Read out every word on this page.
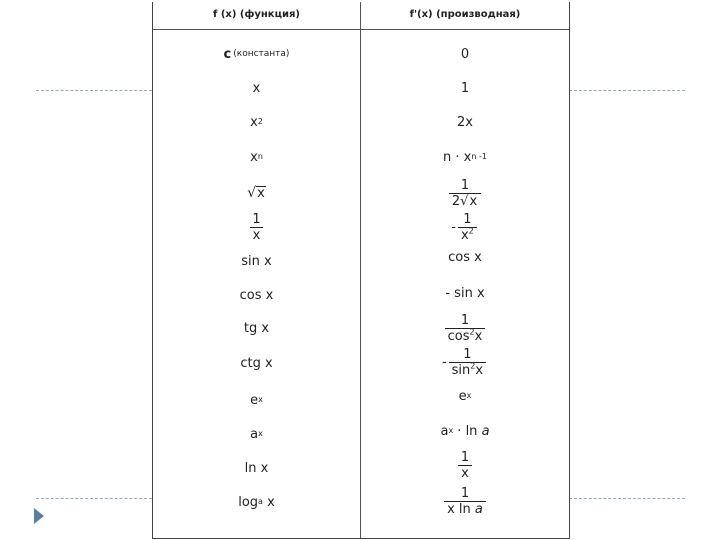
f (x) (функция)	f'(x) (производная)
c (константа)	0
x	1
x 2	2x
x n	n · x n -1
√ x	$\frac{1}{2√x}$
$\frac{1}{x}$	- $\frac{1}{x^2}$
sin x	cos x
cos x	- sin x
tg x	$\frac{1}{\cos^2x}$
ctg x	- $\frac{1}{\sin^2x}$
e x	e x
a x	a x · ln a
ln x	$\frac{1}{x}$
log a x	$\frac{1}{\text{x ln a}}$
